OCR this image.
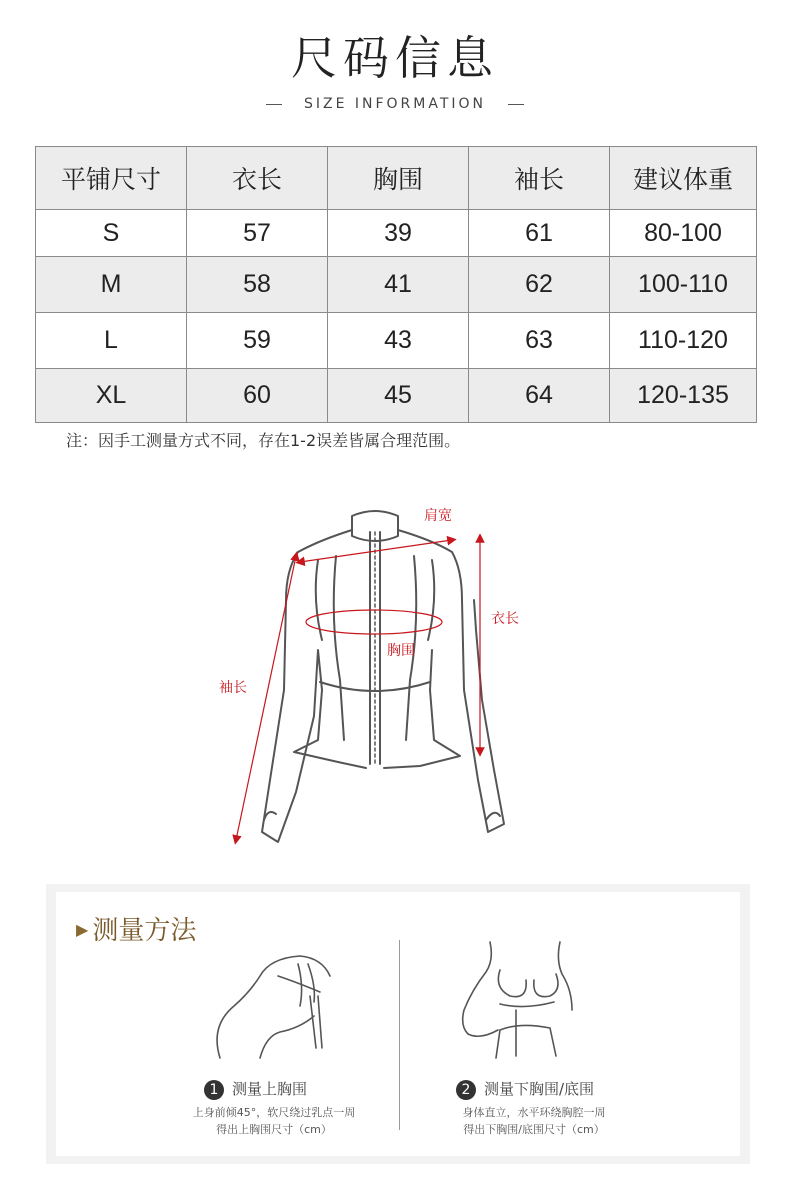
尺码信息
SIZE INFORMATION
平铺尺寸	衣长	胸围	袖长	建议体重
S	57	39	61	80-100
M	58	41	62	100-110
L	59	43	63	110-120
XL	60	45	64	120-135
注：因手工测量方式不同，存在1-2误差皆属合理范围。
肩宽
衣长
胸围
袖长
▶ 测量方法
1 测量上胸围
上身前倾45°，软尺绕过乳点一周
得出上胸围尺寸（cm）
2 测量下胸围/底围
身体直立，水平环绕胸腔一周
得出下胸围/底围尺寸（cm）
